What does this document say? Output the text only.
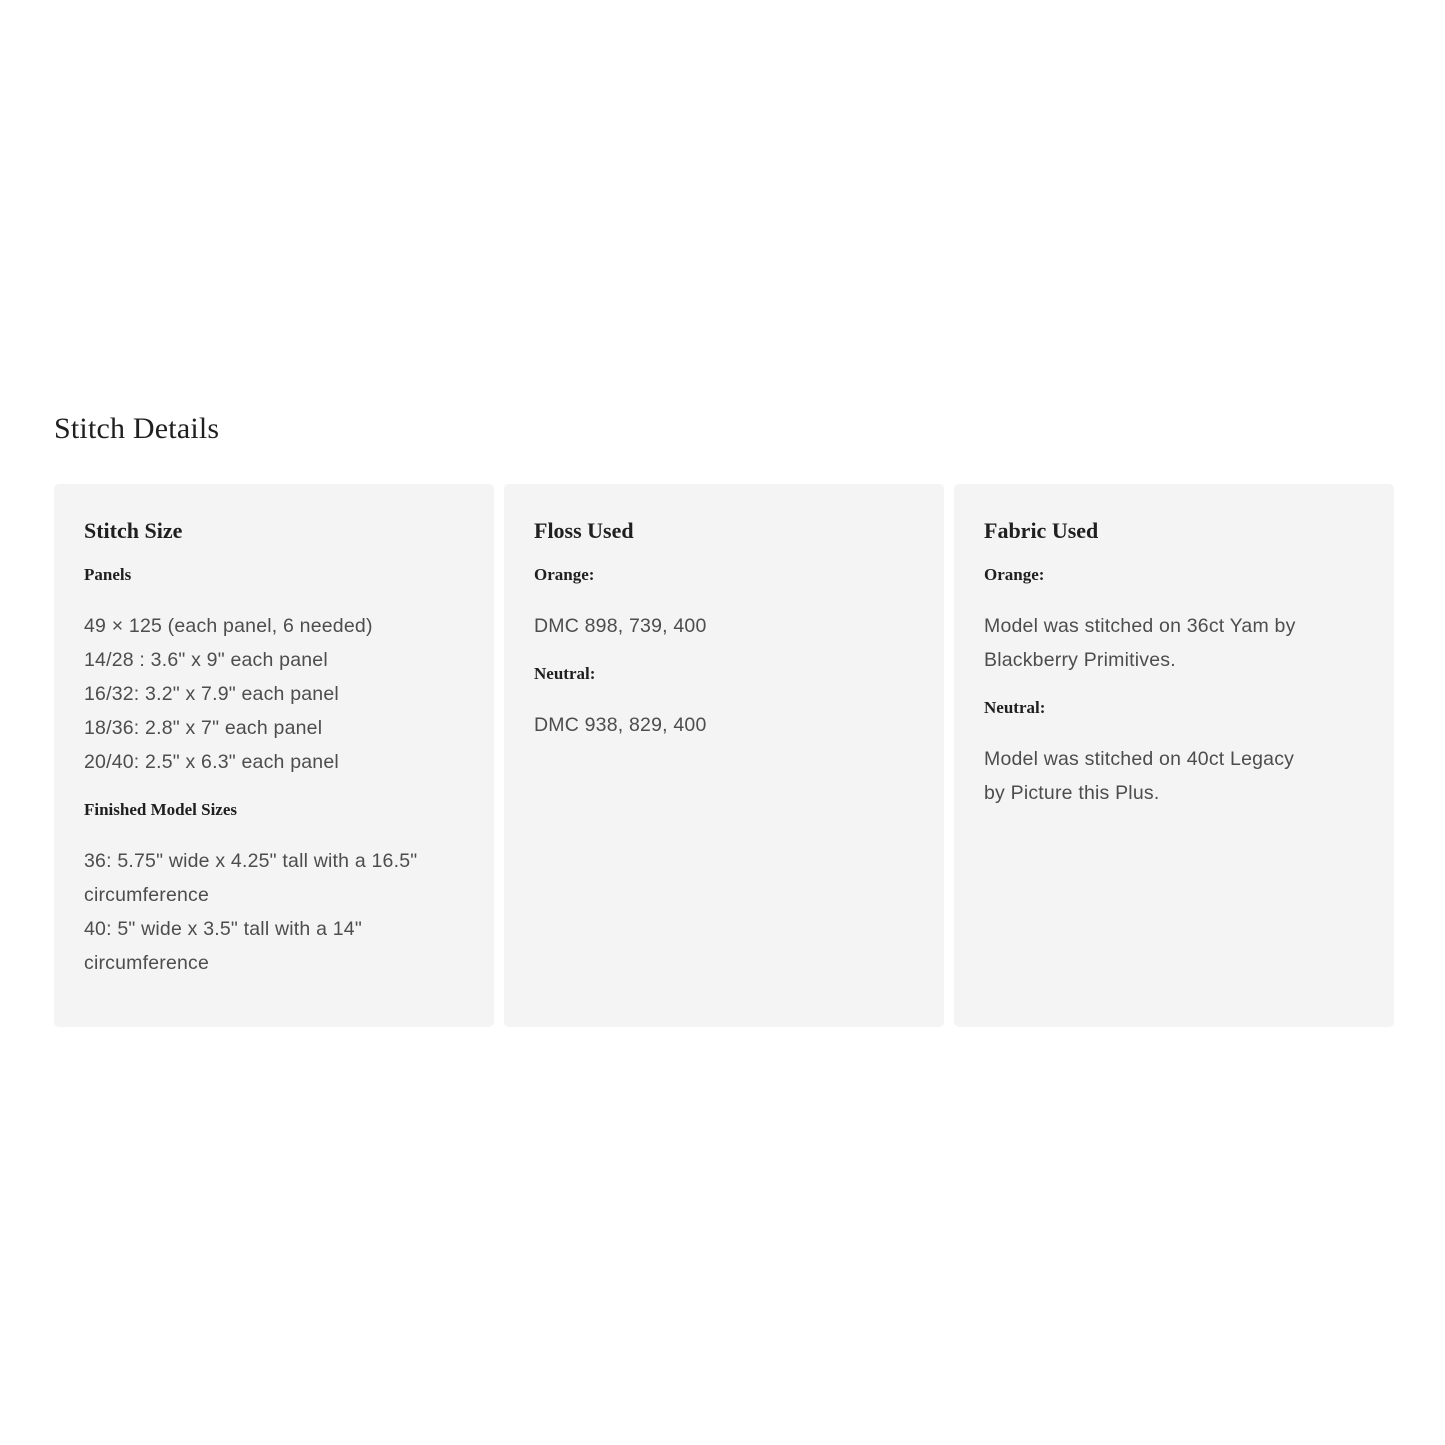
Stitch Details
Stitch Size

Panels

49 × 125 (each panel, 6 needed)
14/28 : 3.6" x 9" each panel
16/32: 3.2" x 7.9" each panel
18/36: 2.8" x 7" each panel
20/40: 2.5" x 6.3" each panel

Finished Model Sizes

36: 5.75" wide x 4.25" tall with a 16.5"
circumference
40: 5" wide x 3.5" tall with a 14"
circumference

Floss Used

Orange:

DMC 898, 739, 400

Neutral:

DMC 938, 829, 400

Fabric Used

Orange:

Model was stitched on 36ct Yam by
Blackberry Primitives.

Neutral:

Model was stitched on 40ct Legacy
by Picture this Plus.
